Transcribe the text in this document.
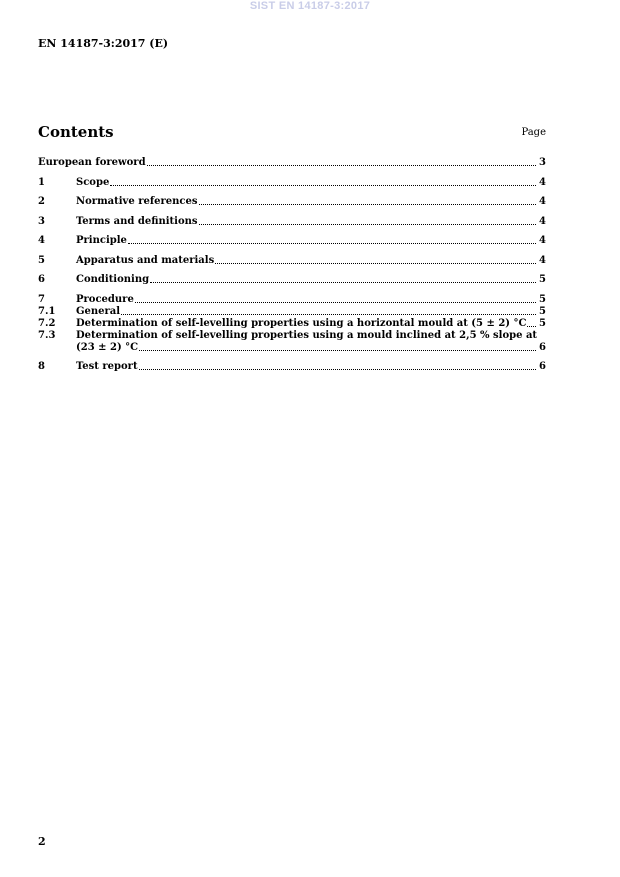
SIST EN 14187-3:2017
EN 14187-3:2017 (E)
Contents	Page
European foreword	3
1	Scope	4
2	Normative references	4
3	Terms and definitions	4
4	Principle	4
5	Apparatus and materials	4
6	Conditioning	5
7	Procedure	5
7.1	General	5
7.2	Determination of self-levelling properties using a horizontal mould at (5 ± 2) °C 5
7.3	Determination of self-levelling properties using a mould inclined at 2,5 % slope at
(23 ± 2) °C	6
8	Test report	6
2
